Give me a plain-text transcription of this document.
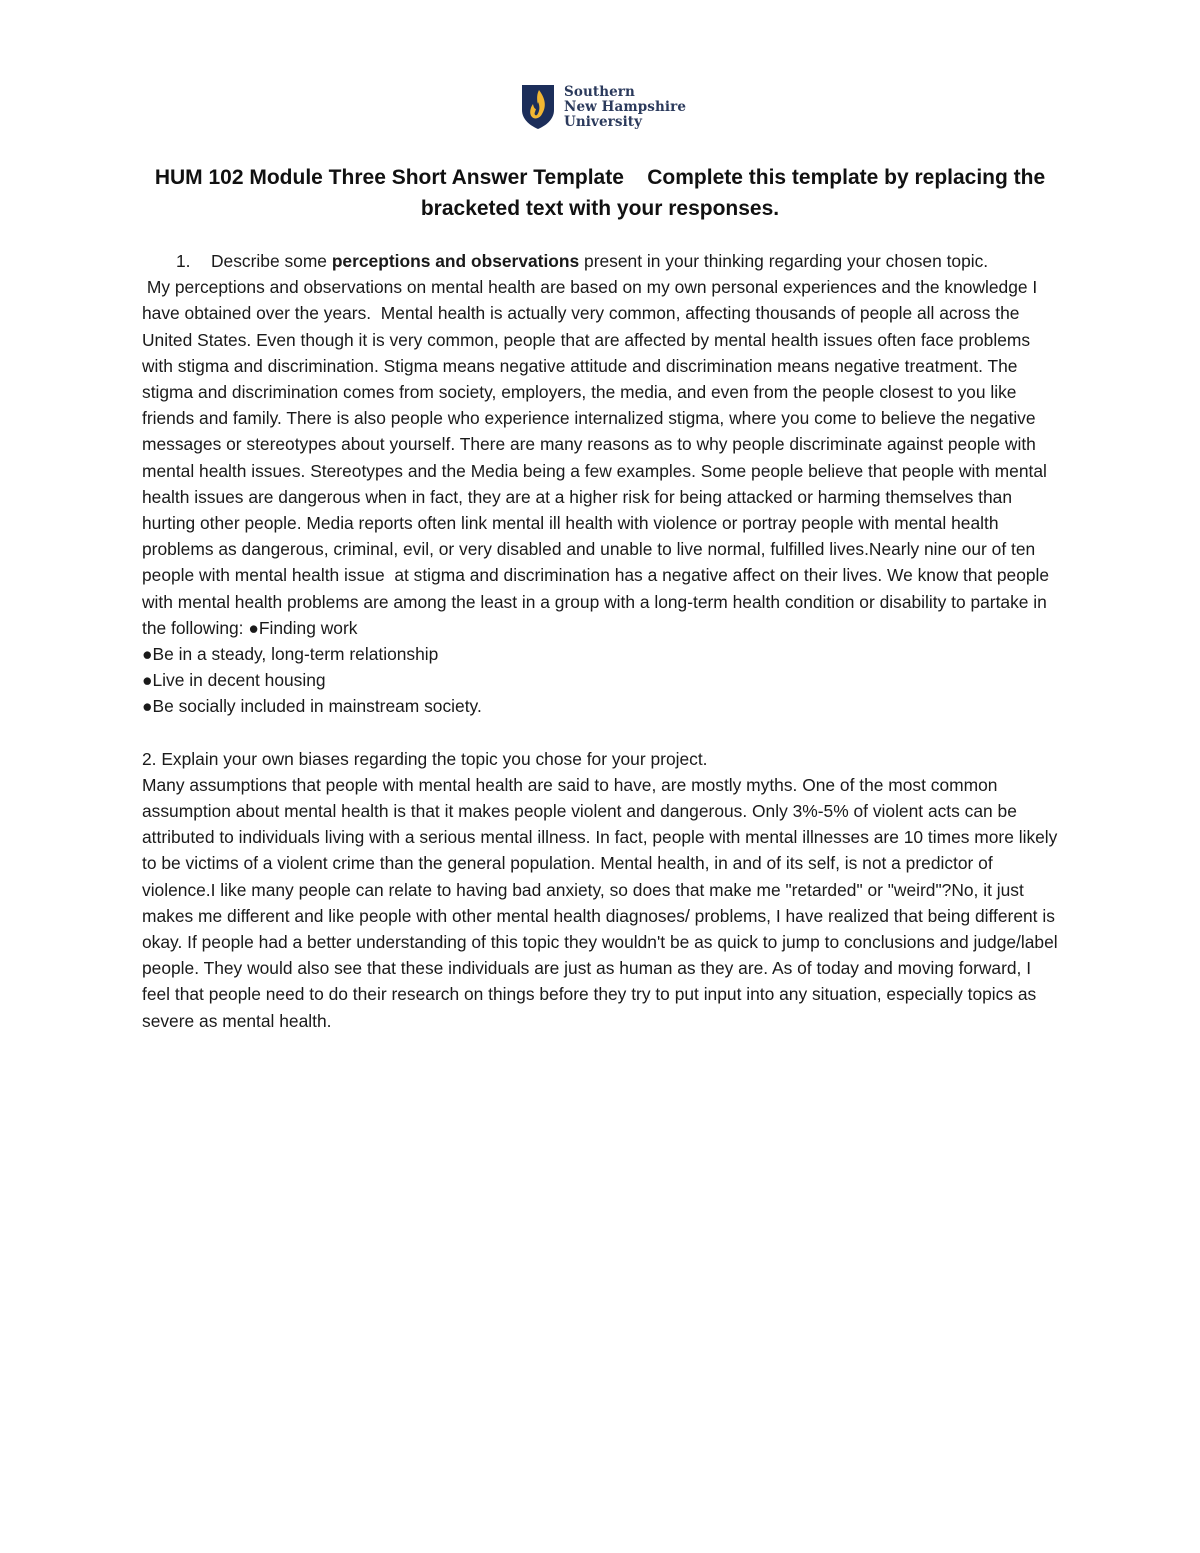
Southern
New Hampshire
University
HUM 102 Module Three Short Answer Template    Complete this template by replacing the bracketed text with your responses.
1.	Describe some perceptions and observations present in your thinking regarding your chosen topic.

My perceptions and observations on mental health are based on my own personal experiences and the knowledge I have obtained over the years.  Mental health is actually very common, affecting thousands of people all across the United States. Even though it is very common, people that are affected by mental health issues often face problems with stigma and discrimination. Stigma means negative attitude and discrimination means negative treatment. The stigma and discrimination comes from society, employers, the media, and even from the people closest to you like friends and family. There is also people who experience internalized stigma, where you come to believe the negative messages or stereotypes about yourself. There are many reasons as to why people discriminate against people with mental health issues. Stereotypes and the Media being a few examples. Some people believe that people with mental health issues are dangerous when in fact, they are at a higher risk for being attacked or harming themselves than hurting other people. Media reports often link mental ill health with violence or portray people with mental health problems as dangerous, criminal, evil, or very disabled and unable to live normal, fulfilled lives.Nearly nine our of ten people with mental health issue  at stigma and discrimination has a negative affect on their lives. We know that people with mental health problems are among the least in a group with a long-term health condition or disability to partake in the following: ●Finding work

●Be in a steady, long-term relationship

●Live in decent housing

●Be socially included in mainstream society.

2. Explain your own biases regarding the topic you chose for your project.

Many assumptions that people with mental health are said to have, are mostly myths. One of the most common assumption about mental health is that it makes people violent and dangerous. Only 3%-5% of violent acts can be attributed to individuals living with a serious mental illness. In fact, people with mental illnesses are 10 times more likely to be victims of a violent crime than the general population. Mental health, in and of its self, is not a predictor of violence.I like many people can relate to having bad anxiety, so does that make me "retarded" or "weird"?No, it just makes me different and like people with other mental health diagnoses/ problems, I have realized that being different is okay. If people had a better understanding of this topic they wouldn't be as quick to jump to conclusions and judge/label people. They would also see that these individuals are just as human as they are. As of today and moving forward, I feel that people need to do their research on things before they try to put input into any situation, especially topics as severe as mental health.
